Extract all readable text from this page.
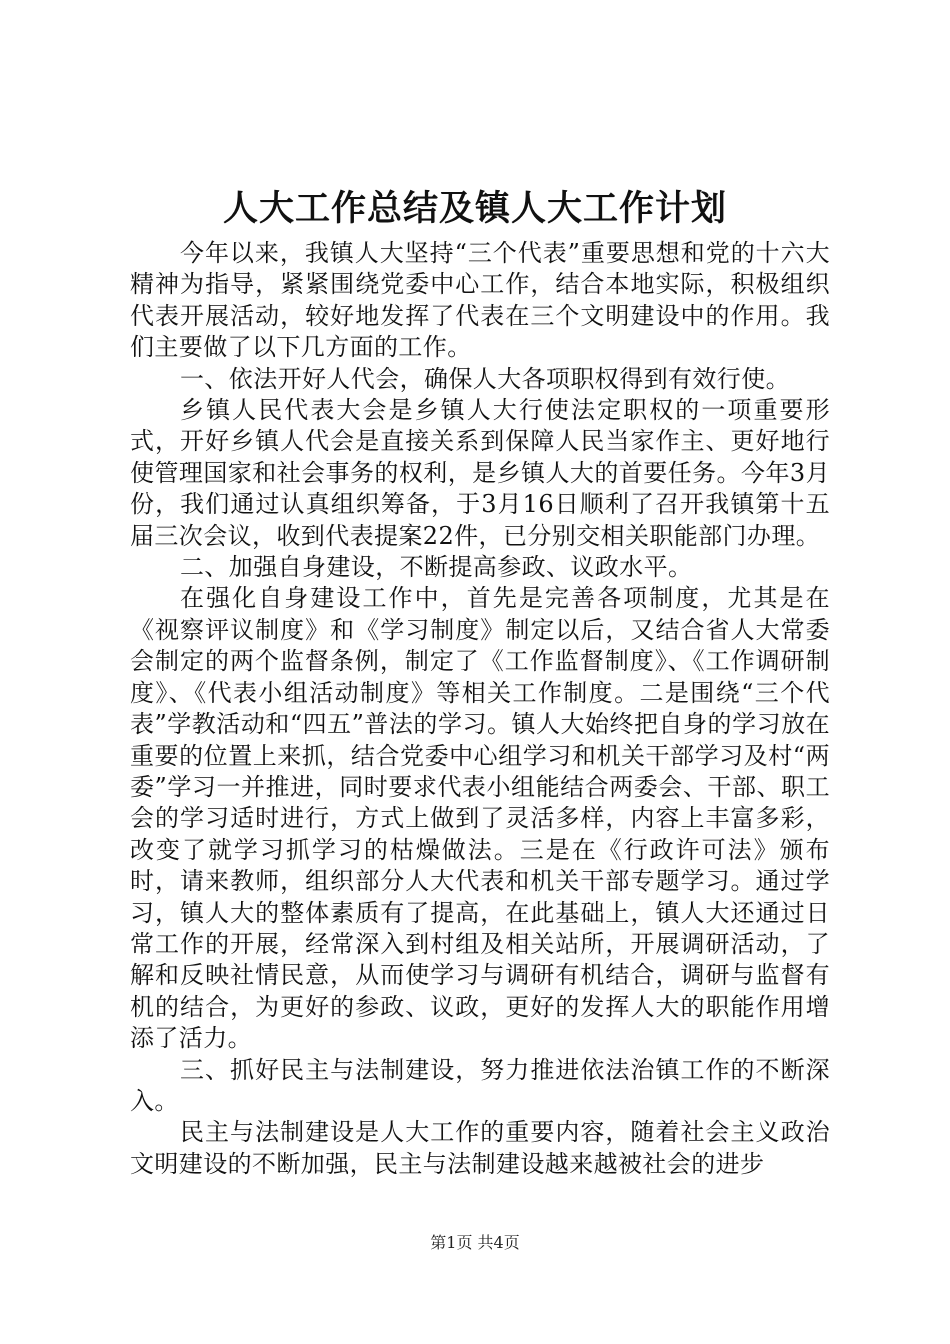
人大工作总结及镇人大工作计划

今年以来，我镇人大坚持“三个代表”重要思想和党的十六大精神为指导，紧紧围绕党委中心工作，结合本地实际，积极组织代表开展活动，较好地发挥了代表在三个文明建设中的作用。我们主要做了以下几方面的工作。

一、依法开好人代会，确保人大各项职权得到有效行使。

乡镇人民代表大会是乡镇人大行使法定职权的一项重要形式，开好乡镇人代会是直接关系到保障人民当家作主、更好地行使管理国家和社会事务的权利，是乡镇人大的首要任务。今年3月份，我们通过认真组织筹备，于3月16日顺利了召开我镇第十五届三次会议，收到代表提案22件，已分别交相关职能部门办理。

二、加强自身建设，不断提高参政、议政水平。

在强化自身建设工作中，首先是完善各项制度，尤其是在《视察评议制度》和《学习制度》制定以后，又结合省人大常委会制定的两个监督条例，制定了《工作监督制度》、《工作调研制度》、《代表小组活动制度》等相关工作制度。二是围绕“三个代表”学教活动和“四五”普法的学习。镇人大始终把自身的学习放在重要的位置上来抓，结合党委中心组学习和机关干部学习及村“两委”学习一并推进，同时要求代表小组能结合两委会、干部、职工会的学习适时进行，方式上做到了灵活多样，内容上丰富多彩，改变了就学习抓学习的枯燥做法。三是在《行政许可法》颁布时，请来教师，组织部分人大代表和机关干部专题学习。通过学习，镇人大的整体素质有了提高，在此基础上，镇人大还通过日常工作的开展，经常深入到村组及相关站所，开展调研活动，了解和反映社情民意，从而使学习与调研有机结合，调研与监督有机的结合，为更好的参政、议政，更好的发挥人大的职能作用增添了活力。

三、抓好民主与法制建设，努力推进依法治镇工作的不断深入。

民主与法制建设是人大工作的重要内容，随着社会主义政治文明建设的不断加强，民主与法制建设越来越被社会的进步

第1页 共4页
